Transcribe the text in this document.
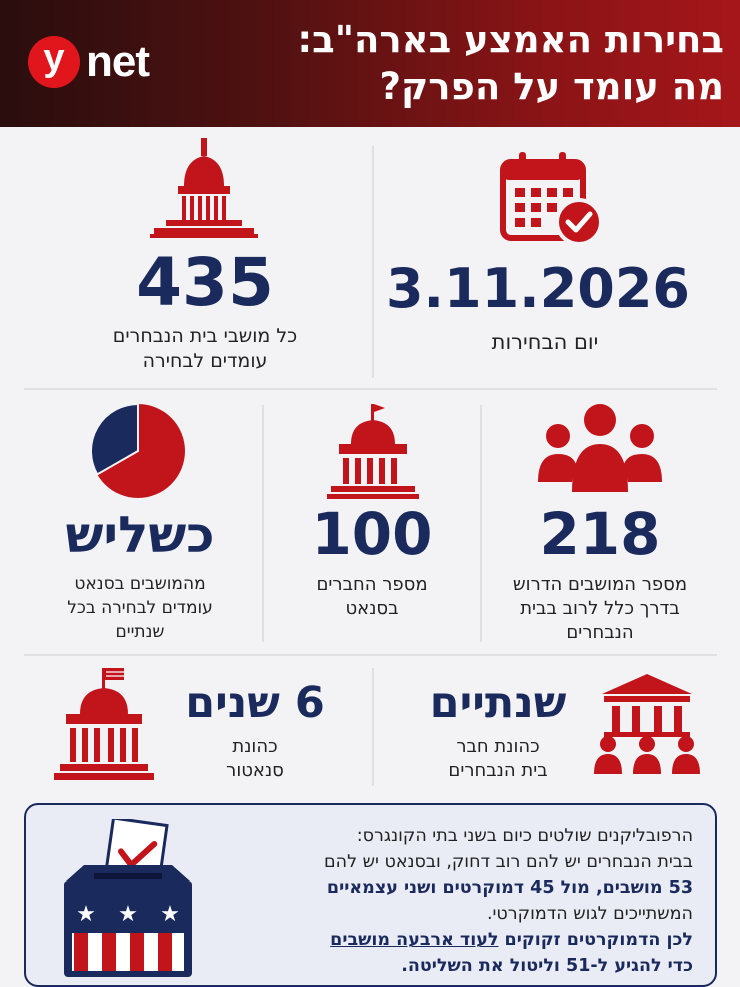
y net	בחירות האמצע בארה"ב:
מה עומד על הפרק?
3.11.2026
יום הבחירות
435
כל מושבי בית הנבחרים
עומדים לבחירה
218
מספר המושבים הדרוש
בדרך כלל לרוב בבית
הנבחרים
100
מספר החברים
בסנאט
כשליש
מהמושבים בסנאט
עומדים לבחירה בכל
שנתיים
שנתיים
כהונת חבר
בית הנבחרים
6 שנים
כהונת
סנאטור
★ ★ ★
הרפובליקנים שולטים כיום בשני בתי הקונגרס:
בבית הנבחרים יש להם רוב דחוק, ובסנאט יש להם
53 מושבים, מול 45 דמוקרטים ושני עצמאיים
המשתייכים לגוש הדמוקרטי.
לכן הדמוקרטים זקוקים לעוד ארבעה מושבים
כדי להגיע ל-51 וליטול את השליטה.
